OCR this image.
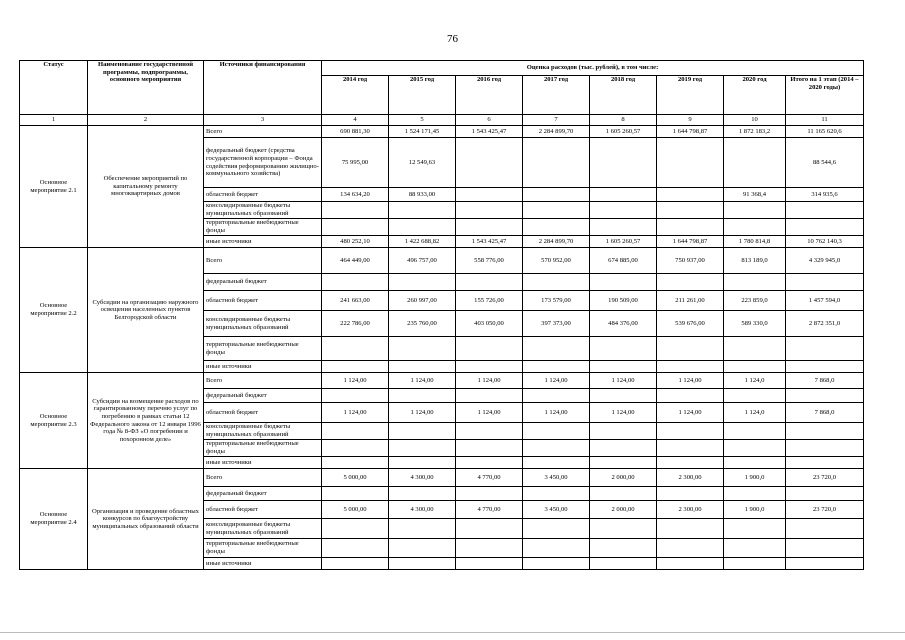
76
Статус	Наименование государственной программы, подпрограммы, основного мероприятия	Источники финансирования	Оценка расходов (тыс. рублей), в том числе:							
			2014 год	2015 год	2016 год	2017 год	2018 год	2019 год	2020 год	Итого на 1 этап (2014 – 2020 годы)
1	2	3	4	5	6	7	8	9	10	11
Основное мероприятие 2.1	Обеспечение мероприятий по капитальному ремонту многоквартирных домов	Всего	690 881,30	1 524 171,45	1 543 425,47	2 284 899,70	1 605 260,57	1 644 798,87	1 872 183,2	11 165 620,6
		федеральный бюджет (средства государственной корпорации – Фонда содействия реформированию жилищно-коммунального хозяйства)	75 995,00	12 549,63						88 544,6
		областной бюджет	134 634,20	88 933,00					91 368,4	314 935,6
		консолидированные бюджеты муниципальных образований								
		территориальные внебюджетные фонды								
		иные источники	480 252,10	1 422 688,82	1 543 425,47	2 284 899,70	1 605 260,57	1 644 798,87	1 780 814,8	10 762 140,3
Основное мероприятие 2.2	Субсидии на организацию наружного освещения населенных пунктов Белгородской области	Всего	464 449,00	496 757,00	558 776,00	570 952,00	674 885,00	750 937,00	813 189,0	4 329 945,0
		федеральный бюджет								
		областной бюджет	241 663,00	260 997,00	155 726,00	173 579,00	190 509,00	211 261,00	223 859,0	1 457 594,0
		консолидированные бюджеты муниципальных образований	222 786,00	235 760,00	403 050,00	397 373,00	484 376,00	539 676,00	589 330,0	2 872 351,0
		территориальные внебюджетные фонды								
		иные источники								
Основное мероприятие 2.3	Субсидии на возмещение расходов по гарантированному перечню услуг по погребению в рамках статьи 12 Федерального закона от 12 января 1996 года № 8-ФЗ «О погребении и похоронном деле»	Всего	1 124,00	1 124,00	1 124,00	1 124,00	1 124,00	1 124,00	1 124,0	7 868,0
		федеральный бюджет								
		областной бюджет	1 124,00	1 124,00	1 124,00	1 124,00	1 124,00	1 124,00	1 124,0	7 868,0
		консолидированные бюджеты муниципальных образований								
		территориальные внебюджетные фонды								
		иные источники								
Основное мероприятие 2.4	Организация и проведение областных конкурсов по благоустройству муниципальных образований области	Всего	5 000,00	4 300,00	4 770,00	3 450,00	2 000,00	2 300,00	1 900,0	23 720,0
		федеральный бюджет								
		областной бюджет	5 000,00	4 300,00	4 770,00	3 450,00	2 000,00	2 300,00	1 900,0	23 720,0
		консолидированные бюджеты муниципальных образований								
		территориальные внебюджетные фонды								
		иные источники								
